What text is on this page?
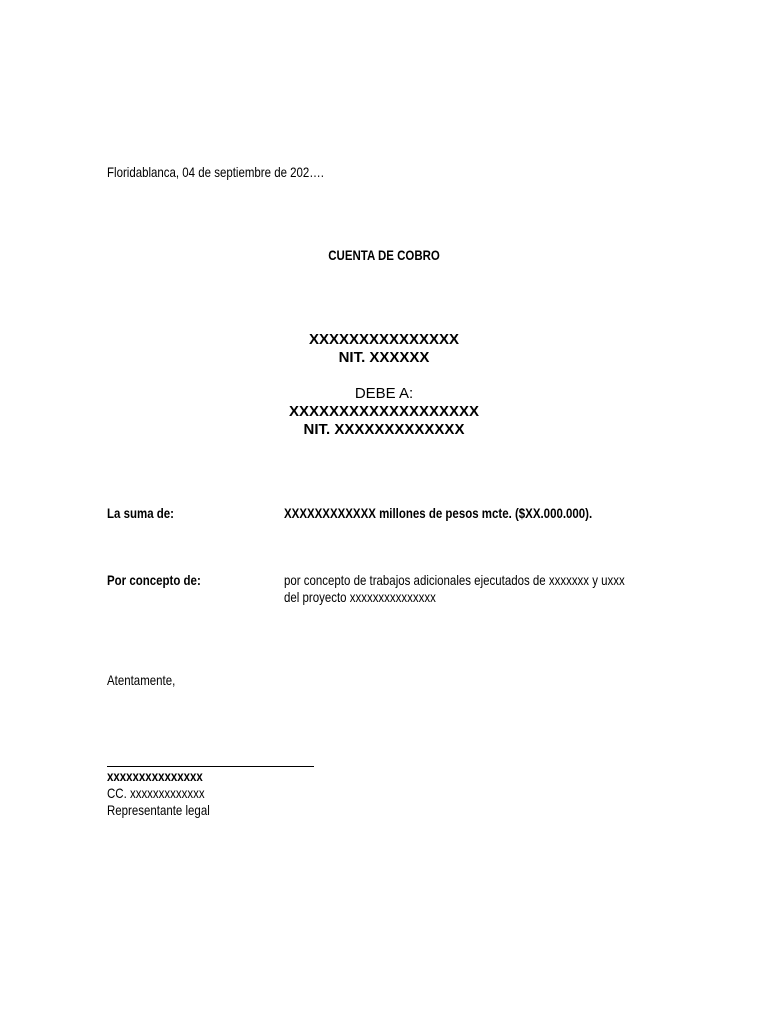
Floridablanca, 04 de septiembre de 202….
CUENTA DE COBRO
XXXXXXXXXXXXXXX
NIT. XXXXXX
DEBE A:
XXXXXXXXXXXXXXXXXXX
NIT. XXXXXXXXXXXXX
La suma de:	XXXXXXXXXXXX millones de pesos mcte. ($XX.000.000).
Por concepto de:	por concepto de trabajos adicionales ejecutados de xxxxxxx y uxxx
del proyecto xxxxxxxxxxxxxxx
Atentamente,
xxxxxxxxxxxxxxx
CC. xxxxxxxxxxxxx
Representante legal
